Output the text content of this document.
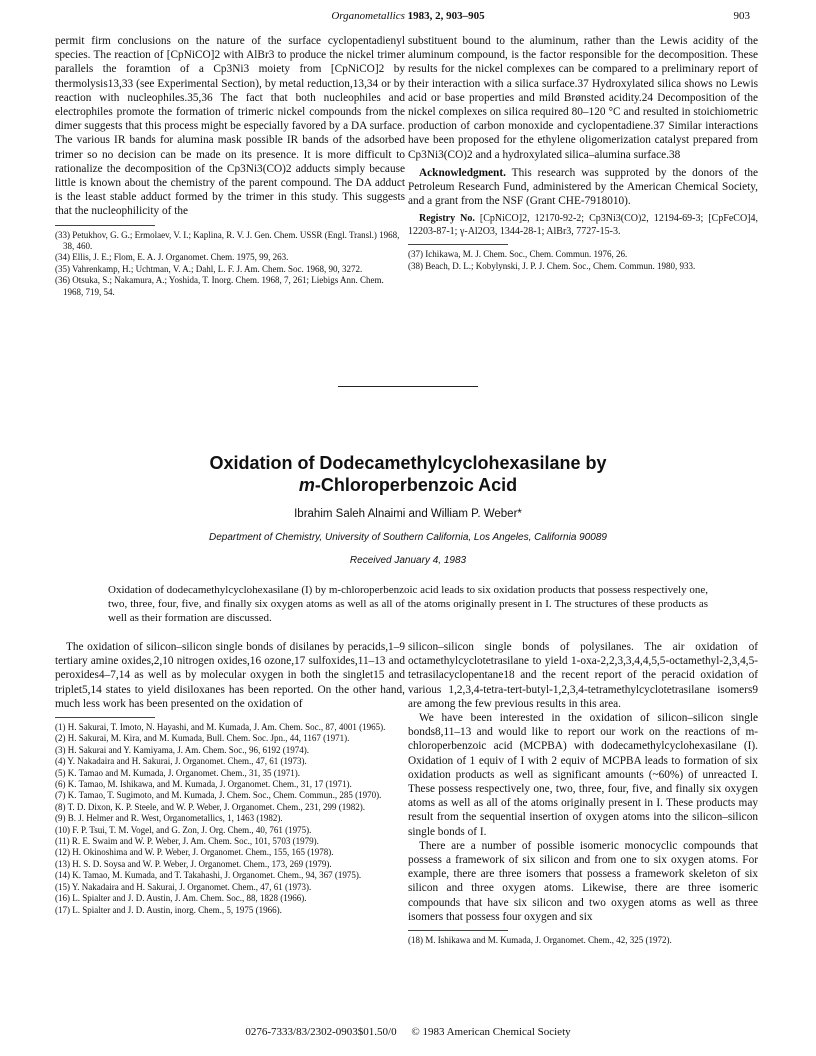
Organometallics 1983, 2, 903–905	903

permit firm conclusions on the nature of the surface cyclopentadienyl species. The reaction of [CpNiCO]2 with AlBr3 to produce the nickel trimer parallels the foramtion of a Cp3Ni3 moiety from [CpNiCO]2 by thermolysis13,33 (see Experimental Section), by metal reduction,13,34 or by reaction with nucleophiles.35,36 The fact that both nucleophiles and electrophiles promote the formation of trimeric nickel compounds from the dimer suggests that this process might be especially favored by a DA surface. The various IR bands for alumina mask possible IR bands of the adsorbed trimer so no decision can be made on its presence. It is more difficult to rationalize the decomposition of the Cp3Ni3(CO)2 adducts simply because little is known about the chemistry of the parent compound. The DA adduct is the least stable adduct formed by the trimer in this study. This suggests that the nucleophilicity of the

(33) Petukhov, G. G.; Ermolaev, V. I.; Kaplina, R. V. J. Gen. Chem. USSR (Engl. Transl.) 1968, 38, 460.
(34) Ellis, J. E.; Flom, E. A. J. Organomet. Chem. 1975, 99, 263.
(35) Vahrenkamp, H.; Uchtman, V. A.; Dahl, L. F. J. Am. Chem. Soc. 1968, 90, 3272.
(36) Otsuka, S.; Nakamura, A.; Yoshida, T. Inorg. Chem. 1968, 7, 261; Liebigs Ann. Chem. 1968, 719, 54.

substituent bound to the aluminum, rather than the Lewis acidity of the aluminum compound, is the factor responsible for the decomposition. These results for the nickel complexes can be compared to a preliminary report of their interaction with a silica surface.37 Hydroxylated silica shows no Lewis acid or base properties and mild Brønsted acidity.24 Decomposition of the nickel complexes on silica required 80–120 °C and resulted in stoichiometric production of carbon monoxide and cyclopentadiene.37 Similar interactions have been proposed for the ethylene oligomerization catalyst prepared from Cp3Ni3(CO)2 and a hydroxylated silica–alumina surface.38

Acknowledgment. This research was supproted by the donors of the Petroleum Research Fund, administered by the American Chemical Society, and a grant from the NSF (Grant CHE-7918010).

Registry No. [CpNiCO]2, 12170-92-2; Cp3Ni3(CO)2, 12194-69-3; [CpFeCO]4, 12203-87-1; γ-Al2O3, 1344-28-1; AlBr3, 7727-15-3.

(37) Ichikawa, M. J. Chem. Soc., Chem. Commun. 1976, 26.
(38) Beach, D. L.; Kobylynski, J. P. J. Chem. Soc., Chem. Commun. 1980, 933.
Oxidation of Dodecamethylcyclohexasilane by
m-Chloroperbenzoic Acid
Ibrahim Saleh Alnaimi and William P. Weber*
Department of Chemistry, University of Southern California, Los Angeles, California 90089
Received January 4, 1983
Oxidation of dodecamethylcyclohexasilane (I) by m-chloroperbenzoic acid leads to six oxidation products that possess respectively one, two, three, four, five, and finally six oxygen atoms as well as all of the atoms originally present in I. The structures of these products as well as their formation are discussed.

The oxidation of silicon–silicon single bonds of disilanes by peracids,1–9 tertiary amine oxides,2,10 nitrogen oxides,16 ozone,17 sulfoxides,11–13 and peroxides4–7,14 as well as by molecular oxygen in both the singlet15 and triplet5,14 states to yield disiloxanes has been reported. On the other hand, much less work has been presented on the oxidation of

(1) H. Sakurai, T. Imoto, N. Hayashi, and M. Kumada, J. Am. Chem. Soc., 87, 4001 (1965).
(2) H. Sakurai, M. Kira, and M. Kumada, Bull. Chem. Soc. Jpn., 44, 1167 (1971).
(3) H. Sakurai and Y. Kamiyama, J. Am. Chem. Soc., 96, 6192 (1974).
(4) Y. Nakadaira and H. Sakurai, J. Organomet. Chem., 47, 61 (1973).
(5) K. Tamao and M. Kumada, J. Organomet. Chem., 31, 35 (1971).
(6) K. Tamao, M. Ishikawa, and M. Kumada, J. Organomet. Chem., 31, 17 (1971).
(7) K. Tamao, T. Sugimoto, and M. Kumada, J. Chem. Soc., Chem. Commun., 285 (1970).
(8) T. D. Dixon, K. P. Steele, and W. P. Weber, J. Organomet. Chem., 231, 299 (1982).
(9) B. J. Helmer and R. West, Organometallics, 1, 1463 (1982).
(10) F. P. Tsui, T. M. Vogel, and G. Zon, J. Org. Chem., 40, 761 (1975).
(11) R. E. Swaim and W. P. Weber, J. Am. Chem. Soc., 101, 5703 (1979).
(12) H. Okinoshima and W. P. Weber, J. Organomet. Chem., 155, 165 (1978).
(13) H. S. D. Soysa and W. P. Weber, J. Organomet. Chem., 173, 269 (1979).
(14) K. Tamao, M. Kumada, and T. Takahashi, J. Organomet. Chem., 94, 367 (1975).
(15) Y. Nakadaira and H. Sakurai, J. Organomet. Chem., 47, 61 (1973).
(16) L. Spialter and J. D. Austin, J. Am. Chem. Soc., 88, 1828 (1966).
(17) L. Spialter and J. D. Austin, inorg. Chem., 5, 1975 (1966).

silicon–silicon single bonds of polysilanes. The air oxidation of octamethylcyclotetrasilane to yield 1-oxa-2,2,3,3,4,4,5,5-octamethyl-2,3,4,5-tetrasilacyclopentane18 and the recent report of the peracid oxidation of various 1,2,3,4-tetra-tert-butyl-1,2,3,4-tetramethylcyclotetrasilane isomers9 are among the few previous results in this area.

We have been interested in the oxidation of silicon–silicon single bonds8,11–13 and would like to report our work on the reactions of m-chloroperbenzoic acid (MCPBA) with dodecamethylcyclohexasilane (I). Oxidation of 1 equiv of I with 2 equiv of MCPBA leads to formation of six oxidation products as well as significant amounts (~60%) of unreacted I. These possess respectively one, two, three, four, five, and finally six oxygen atoms as well as all of the atoms originally present in I. These products may result from the sequential insertion of oxygen atoms into the silicon–silicon single bonds of I.

There are a number of possible isomeric monocyclic compounds that possess a framework of six silicon and from one to six oxygen atoms. For example, there are three isomers that possess a framework skeleton of six silicon and three oxygen atoms. Likewise, there are three isomeric compounds that have six silicon and two oxygen atoms as well as three isomers that possess four oxygen and six

(18) M. Ishikawa and M. Kumada, J. Organomet. Chem., 42, 325 (1972).
0276-7333/83/2302-0903$01.50/0 © 1983 American Chemical Society
